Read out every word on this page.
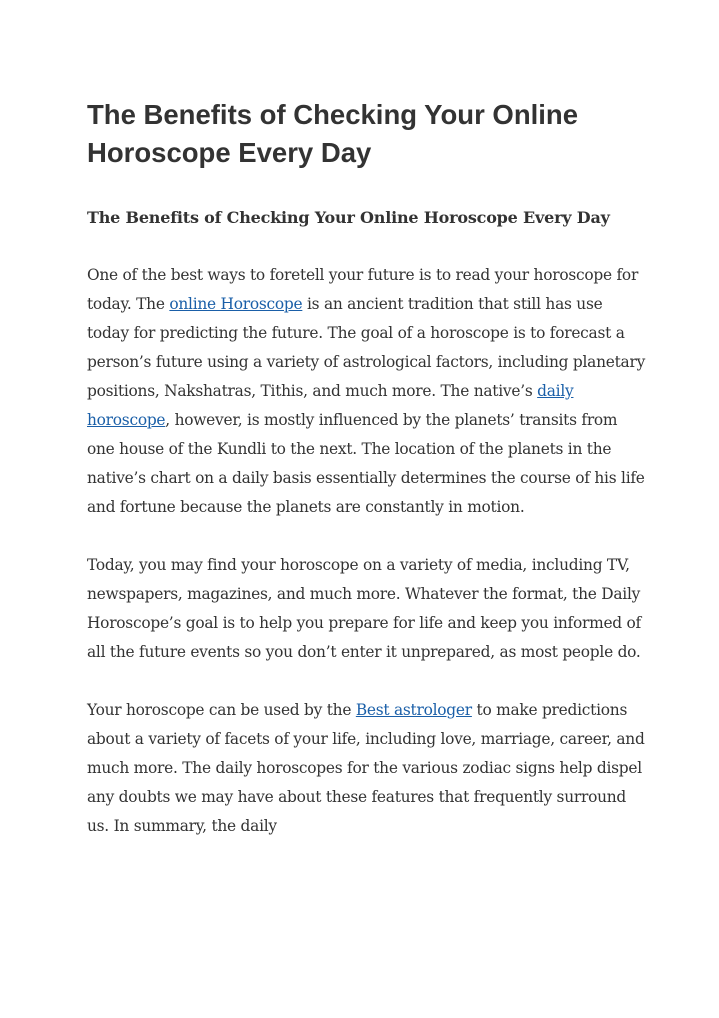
The Benefits of Checking Your Online Horoscope Every Day
The Benefits of Checking Your Online Horoscope Every Day

One of the best ways to foretell your future is to read your horoscope for today. The online Horoscope is an ancient tradition that still has use today for predicting the future. The goal of a horoscope is to forecast a person’s future using a variety of astrological factors, including planetary positions, Nakshatras, Tithis, and much more. The native’s daily horoscope, however, is mostly influenced by the planets’ transits from one house of the Kundli to the next. The location of the planets in the native’s chart on a daily basis essentially determines the course of his life and fortune because the planets are constantly in motion.

Today, you may find your horoscope on a variety of media, including TV, newspapers, magazines, and much more. Whatever the format, the Daily Horoscope’s goal is to help you prepare for life and keep you informed of all the future events so you don’t enter it unprepared, as most people do.

Your horoscope can be used by the Best astrologer to make predictions about a variety of facets of your life, including love, marriage, career, and much more. The daily horoscopes for the various zodiac signs help dispel any doubts we may have about these features that frequently surround us. In summary, the daily
